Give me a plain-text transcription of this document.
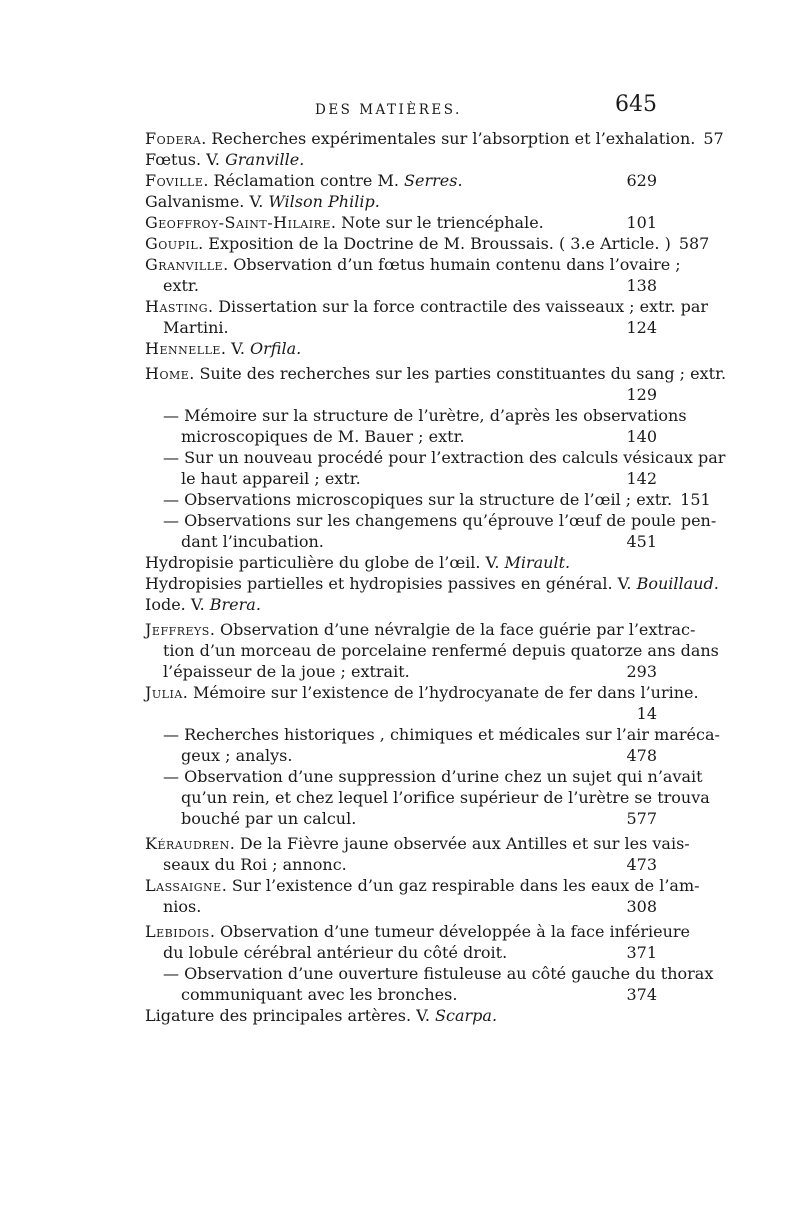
DES MATIÈRES.	645
Fodera. Recherches expérimentales sur l’absorption et l’exhalation. 57
Fœtus. V. Granville.
Foville. Réclamation contre M. Serres.	629
Galvanisme. V. Wilson Philip.
Geoffroy-Saint-Hilaire. Note sur le triencéphale.	101
Goupil. Exposition de la Doctrine de M. Broussais. ( 3.e Article. ) 587
Granville. Observation d’un fœtus humain contenu dans l’ovaire ;
extr.	138
Hasting. Dissertation sur la force contractile des vaisseaux ; extr. par
Martini.	124
Hennelle. V. Orfila.
Home. Suite des recherches sur les parties constituantes du sang ; extr.
129
— Mémoire sur la structure de l’urètre, d’après les observations
microscopiques de M. Bauer ; extr.	140
— Sur un nouveau procédé pour l’extraction des calculs vésicaux par
le haut appareil ; extr.	142
— Observations microscopiques sur la structure de l’œil ; extr. 151
— Observations sur les changemens qu’éprouve l’œuf de poule pen-
dant l’incubation.	451
Hydropisie particulière du globe de l’œil. V. Mirault.
Hydropisies partielles et hydropisies passives en général. V. Bouillaud.
Iode. V. Brera.
Jeffreys. Observation d’une névralgie de la face guérie par l’extrac-
tion d’un morceau de porcelaine renfermé depuis quatorze ans dans
l’épaisseur de la joue ; extrait.	293
Julia. Mémoire sur l’existence de l’hydrocyanate de fer dans l’urine.
14
— Recherches historiques , chimiques et médicales sur l’air maréca-
geux ; analys.	478
— Observation d’une suppression d’urine chez un sujet qui n’avait
qu’un rein, et chez lequel l’orifice supérieur de l’urètre se trouva
bouché par un calcul.	577
Kéraudren. De la Fièvre jaune observée aux Antilles et sur les vais-
seaux du Roi ; annonc.	473
Lassaigne. Sur l’existence d’un gaz respirable dans les eaux de l’am-
nios.	308
Lebidois. Observation d’une tumeur développée à la face inférieure
du lobule cérébral antérieur du côté droit.	371
— Observation d’une ouverture fistuleuse au côté gauche du thorax
communiquant avec les bronches.	374
Ligature des principales artères. V. Scarpa.
